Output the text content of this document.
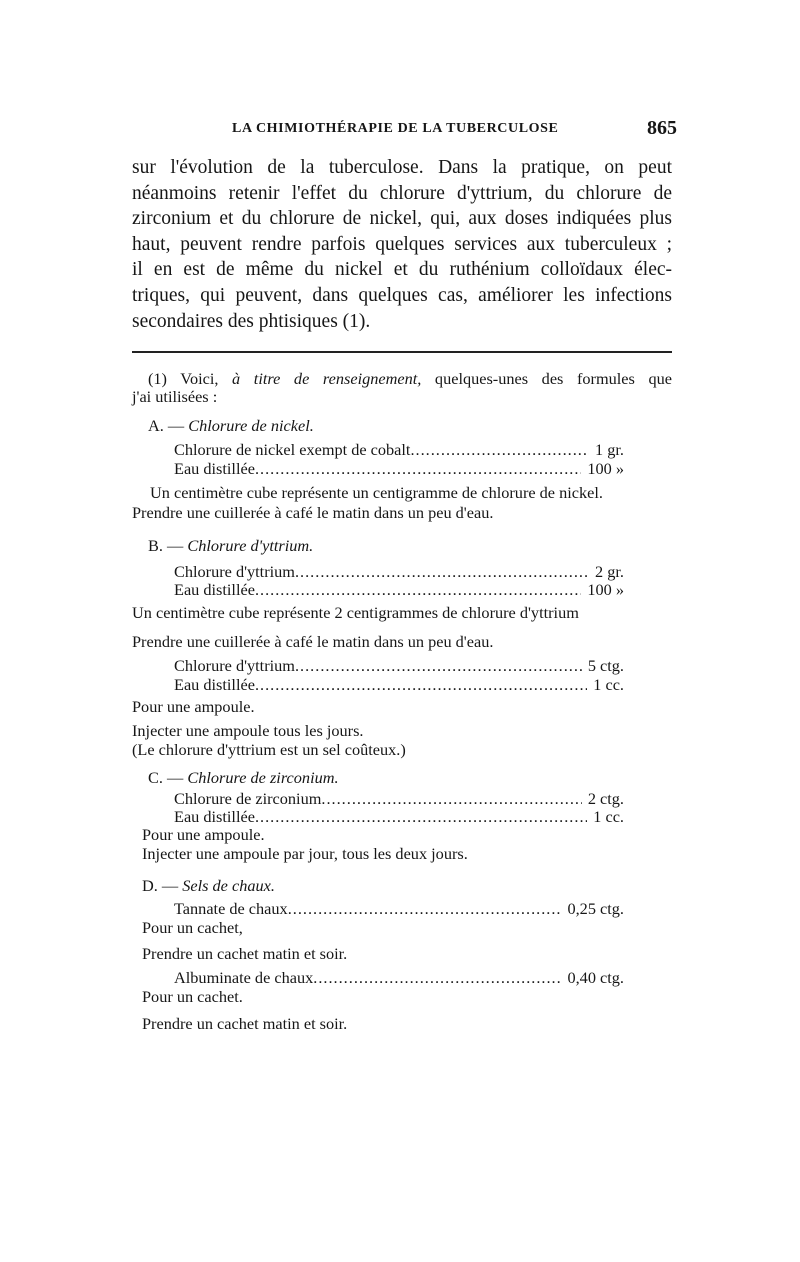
LA CHIMIOTHÉRAPIE DE LA TUBERCULOSE	865
sur l'évolution de la tuberculose. Dans la pratique, on peut
néanmoins retenir l'effet du chlorure d'yttrium, du chlorure de
zirconium et du chlorure de nickel, qui, aux doses indiquées plus
haut, peuvent rendre parfois quelques services aux tuberculeux ;
il en est de même du nickel et du ruthénium colloïdaux élec-
triques, qui peuvent, dans quelques cas, améliorer les infections
secondaires des phtisiques (1).
(1) Voici, à titre de renseignement, quelques-unes des formules que
j'ai utilisées :
A. — Chlorure de nickel.
Chlorure de nickel exempt de cobalt .....	1 gr.
Eau distillée .....	100 »
Un centimètre cube représente un centigramme de chlorure de nickel.
Prendre une cuillerée à café le matin dans un peu d'eau.
B. — Chlorure d'yttrium.
Chlorure d'yttrium .....	2 gr.
Eau distillée .....	100 »
Un centimètre cube représente 2 centigrammes de chlorure d'yttrium
Prendre une cuillerée à café le matin dans un peu d'eau.
Chlorure d'yttrium .....	5 ctg.
Eau distillée .....	1 cc.
Pour une ampoule.
Injecter une ampoule tous les jours.
(Le chlorure d'yttrium est un sel coûteux.)
C. — Chlorure de zirconium.
Chlorure de zirconium .....	2 ctg.
Eau distillée .....	1 cc.
Pour une ampoule.
Injecter une ampoule par jour, tous les deux jours.
D. — Sels de chaux.
Tannate de chaux .....	0,25 ctg.
Pour un cachet,
Prendre un cachet matin et soir.
Albuminate de chaux .....	0,40 ctg.
Pour un cachet.
Prendre un cachet matin et soir.
